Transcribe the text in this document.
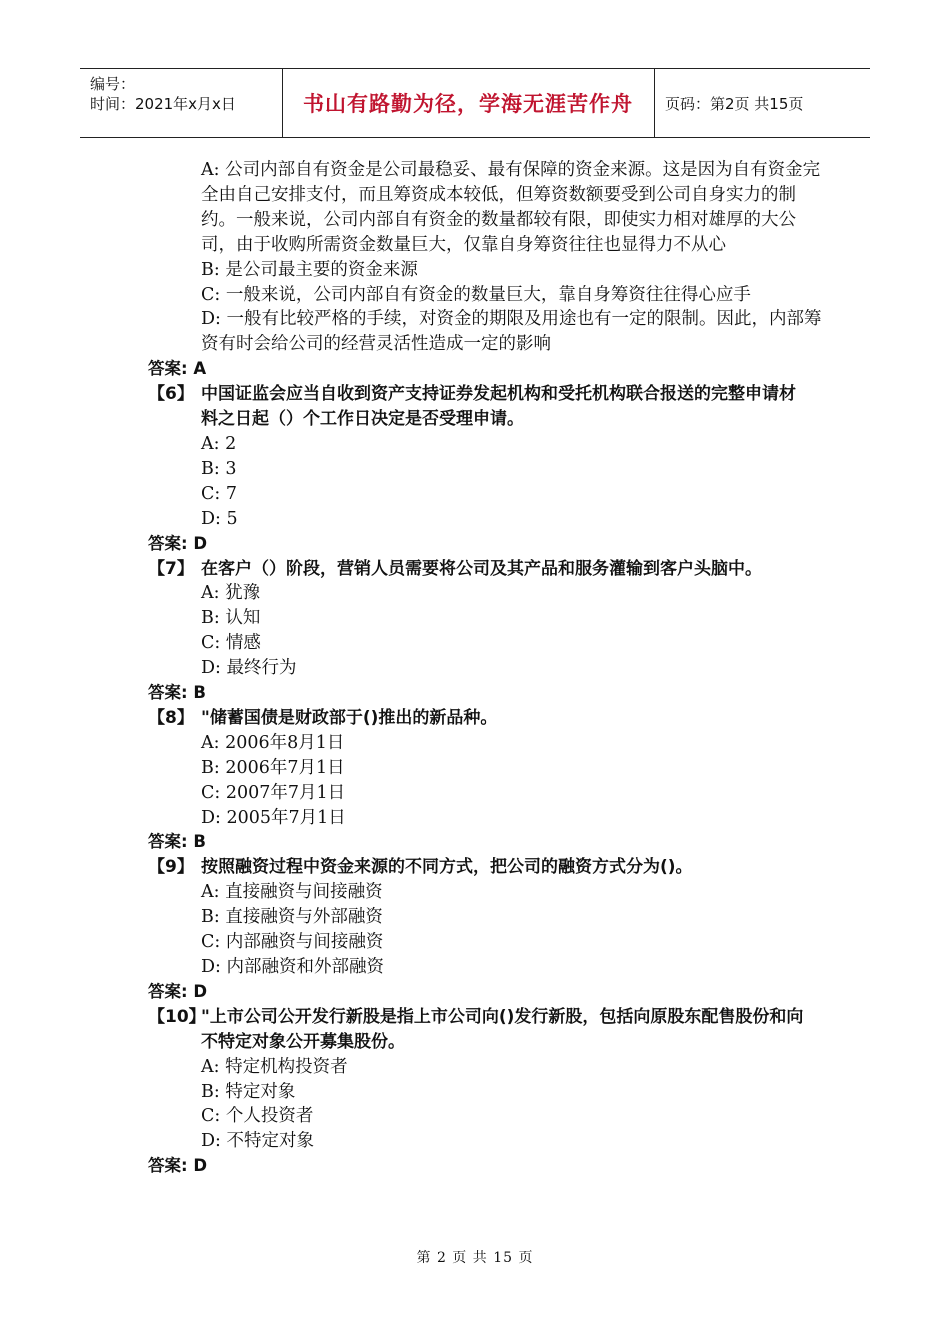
编号：
时间：2021年x月x日	书山有路勤为径，学海无涯苦作舟	页码：第2页 共15页
A: 公司内部自有资金是公司最稳妥、最有保障的资金来源。这是因为自有资金完全由自己安排支付，而且筹资成本较低，但筹资数额要受到公司自身实力的制约。一般来说，公司内部自有资金的数量都较有限，即使实力相对雄厚的大公司，由于收购所需资金数量巨大，仅靠自身筹资往往也显得力不从心
B: 是公司最主要的资金来源
C: 一般来说，公司内部自有资金的数量巨大，靠自身筹资往往得心应手
D: 一般有比较严格的手续，对资金的期限及用途也有一定的限制。因此，内部筹资有时会给公司的经营灵活性造成一定的影响
答案: A
【6】 中国证监会应当自收到资产支持证券发起机构和受托机构联合报送的完整申请材料之日起（）个工作日决定是否受理申请。
A: 2
B: 3
C: 7
D: 5
答案: D
【7】 在客户（）阶段，营销人员需要将公司及其产品和服务灌输到客户头脑中。
A: 犹豫
B: 认知
C: 情感
D: 最终行为
答案: B
【8】 "储蓄国债是财政部于()推出的新品种。
A: 2006年8月1日
B: 2006年7月1日
C: 2007年7月1日
D: 2005年7月1日
答案: B
【9】 按照融资过程中资金来源的不同方式，把公司的融资方式分为()。
A: 直接融资与间接融资
B: 直接融资与外部融资
C: 内部融资与间接融资
D: 内部融资和外部融资
答案: D
【10】
"上市公司公开发行新股是指上市公司向()发行新股，包括向原股东配售股份和向不特定对象公开募集股份。
A: 特定机构投资者
B: 特定对象
C: 个人投资者
D: 不特定对象
答案: D
第 2 页 共 15 页
